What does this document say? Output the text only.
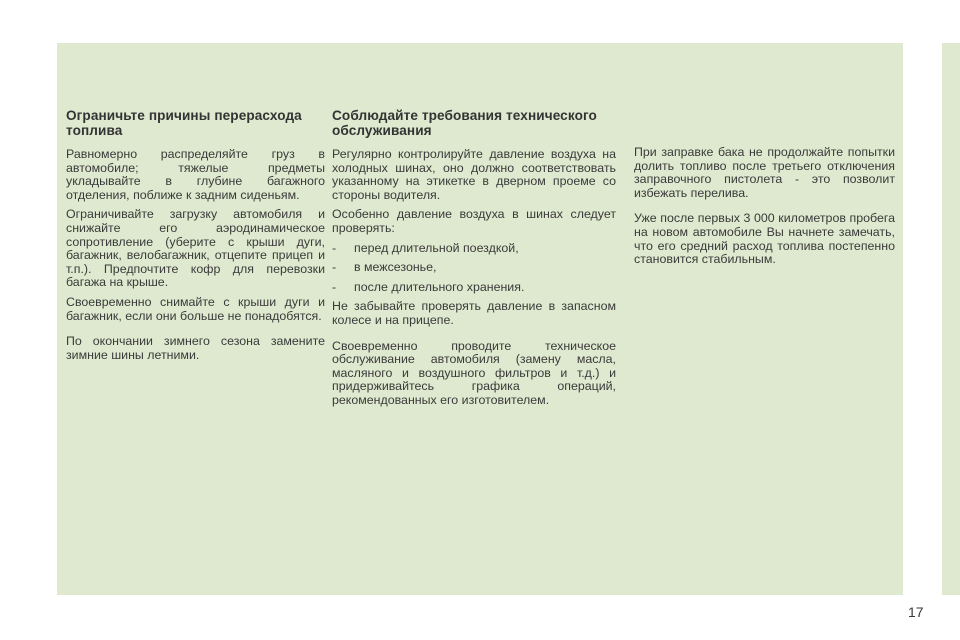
Ограничьте причины перерасхода топлива

Равномерно распределяйте груз в автомобиле; тяжелые предметы укладывайте в глубине багажного отделения, поближе к задним сиденьям.

Ограничивайте загрузку автомобиля и снижайте его аэродинамическое сопротивление (уберите с крыши дуги, багажник, велобагажник, отцепите прицеп и т.п.). Предпочтите кофр для перевозки багажа на крыше.

Своевременно снимайте с крыши дуги и багажник, если они больше не понадобятся.

По окончании зимнего сезона замените зимние шины летними.

Соблюдайте требования технического обслуживания

Регулярно контролируйте давление воздуха на холодных шинах, оно должно соответствовать указанному на этикетке в дверном проеме со стороны водителя.

Особенно давление воздуха в шинах следует проверять:

- перед длительной поездкой,
- в межсезонье,
- после длительного хранения.

Не забывайте проверять давление в запасном колесе и на прицепе.

Своевременно проводите техническое обслуживание автомобиля (замену масла, масляного и воздушного фильтров и т.д.) и придерживайтесь графика операций, рекомендованных его изготовителем.

При заправке бака не продолжайте попытки долить топливо после третьего отключения заправочного пистолета - это позволит избежать перелива.

Уже после первых 3 000 километров пробега на новом автомобиле Вы начнете замечать, что его средний расход топлива постепенно становится стабильным.

17
